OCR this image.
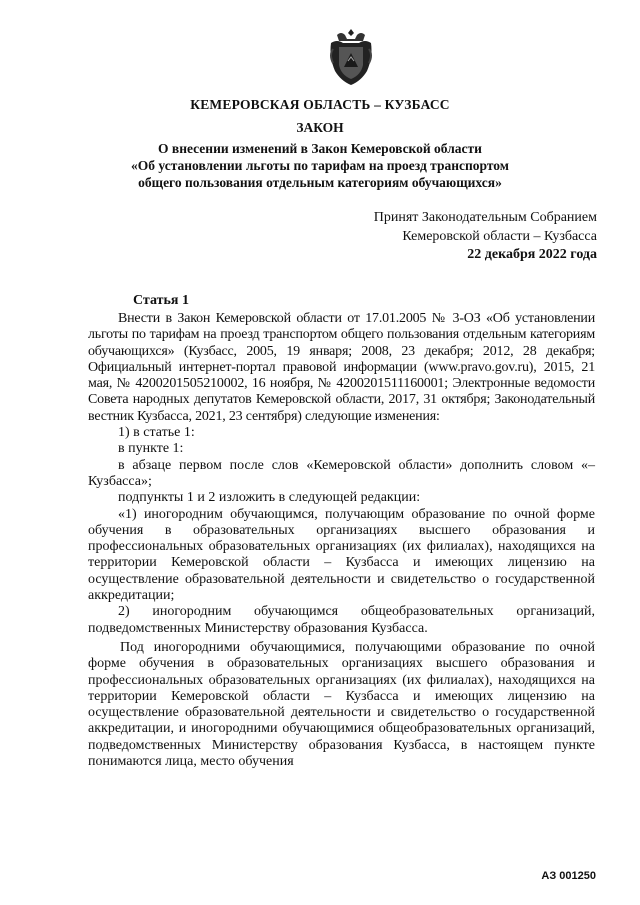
КЕМЕРОВСКАЯ ОБЛАСТЬ – КУЗБАСС
ЗАКОН
О внесении изменений в Закон Кемеровской области
«Об установлении льготы по тарифам на проезд транспортом
общего пользования отдельным категориям обучающихся»
Принят Законодательным Собранием
Кемеровской области – Кузбасса
22 декабря 2022 года
Статья 1

Внести в Закон Кемеровской области от 17.01.2005 № 3-ОЗ «Об установлении льготы по тарифам на проезд транспортом общего пользования отдельным категориям обучающихся» (Кузбасс, 2005, 19 января; 2008, 23 декабря; 2012, 28 декабря; Официальный интернет-портал правовой информации (www.pravo.gov.ru), 2015, 21 мая, № 4200201505210002, 16 ноября, № 4200201511160001; Электронные ведомости Совета народных депутатов Кемеровской области, 2017, 31 октября; Законодательный вестник Кузбасса, 2021, 23 сентября) следующие изменения:

1) в статье 1:

в пункте 1:

в абзаце первом после слов «Кемеровской области» дополнить словом «– Кузбасса»;

подпункты 1 и 2 изложить в следующей редакции:

«1) иногородним обучающимся, получающим образование по очной форме обучения в образовательных организациях высшего образования и профессиональных образовательных организациях (их филиалах), находящихся на территории Кемеровской области – Кузбасса и имеющих лицензию на осуществление образовательной деятельности и свидетельство о государственной аккредитации;

2) иногородним обучающимся общеобразовательных организаций, подведомственных Министерству образования Кузбасса.

Под иногородними обучающимися, получающими образование по очной форме обучения в образовательных организациях высшего образования и профессиональных образовательных организациях (их филиалах), находящихся на территории Кемеровской области – Кузбасса и имеющих лицензию на осуществление образовательной деятельности и свидетельство о государственной аккредитации, и иногородними обучающимися общеобразовательных организаций, подведомственных Министерству образования Кузбасса, в настоящем пункте понимаются лица, место обучения

АЗ 001250
